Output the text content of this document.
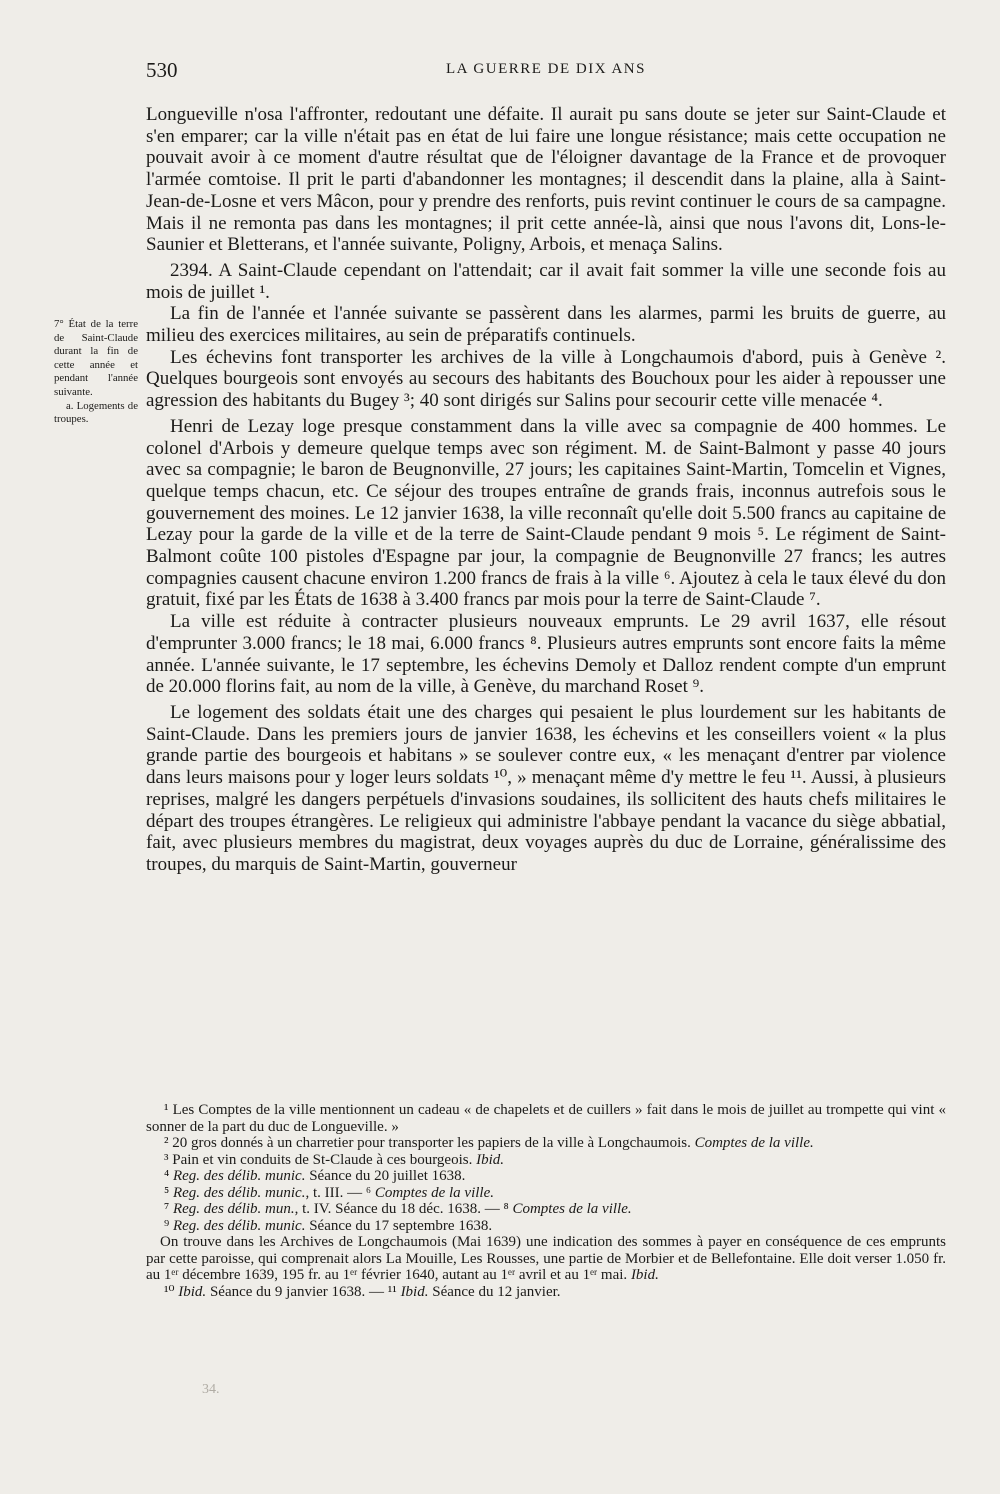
530	LA GUERRE DE DIX ANS

7° État de la terre de Saint-Claude durant la fin de cette année et pendant l'année suivante.

a. Logements de troupes.

Longueville n'osa l'affronter, redoutant une défaite. Il aurait pu sans doute se jeter sur Saint-Claude et s'en emparer; car la ville n'était pas en état de lui faire une longue résistance; mais cette occupation ne pouvait avoir à ce moment d'autre résultat que de l'éloigner davantage de la France et de provoquer l'armée comtoise. Il prit le parti d'abandonner les montagnes; il descendit dans la plaine, alla à Saint-Jean-de-Losne et vers Mâcon, pour y prendre des renforts, puis revint continuer le cours de sa campagne. Mais il ne remonta pas dans les montagnes; il prit cette année-là, ainsi que nous l'avons dit, Lons-le-Saunier et Bletterans, et l'année suivante, Poligny, Arbois, et menaça Salins.

2394. A Saint-Claude cependant on l'attendait; car il avait fait sommer la ville une seconde fois au mois de juillet ¹.

La fin de l'année et l'année suivante se passèrent dans les alarmes, parmi les bruits de guerre, au milieu des exercices militaires, au sein de préparatifs continuels.

Les échevins font transporter les archives de la ville à Longchaumois d'abord, puis à Genève ². Quelques bourgeois sont envoyés au secours des habitants des Bouchoux pour les aider à repousser une agression des habitants du Bugey ³; 40 sont dirigés sur Salins pour secourir cette ville menacée ⁴.

Henri de Lezay loge presque constamment dans la ville avec sa compagnie de 400 hommes. Le colonel d'Arbois y demeure quelque temps avec son régiment. M. de Saint-Balmont y passe 40 jours avec sa compagnie; le baron de Beugnonville, 27 jours; les capitaines Saint-Martin, Tomcelin et Vignes, quelque temps chacun, etc. Ce séjour des troupes entraîne de grands frais, inconnus autrefois sous le gouvernement des moines. Le 12 janvier 1638, la ville reconnaît qu'elle doit 5.500 francs au capitaine de Lezay pour la garde de la ville et de la terre de Saint-Claude pendant 9 mois ⁵. Le régiment de Saint-Balmont coûte 100 pistoles d'Espagne par jour, la compagnie de Beugnonville 27 francs; les autres compagnies causent chacune environ 1.200 francs de frais à la ville ⁶. Ajoutez à cela le taux élevé du don gratuit, fixé par les États de 1638 à 3.400 francs par mois pour la terre de Saint-Claude ⁷.

La ville est réduite à contracter plusieurs nouveaux emprunts. Le 29 avril 1637, elle résout d'emprunter 3.000 francs; le 18 mai, 6.000 francs ⁸. Plusieurs autres emprunts sont encore faits la même année. L'année suivante, le 17 septembre, les échevins Demoly et Dalloz rendent compte d'un emprunt de 20.000 florins fait, au nom de la ville, à Genève, du marchand Roset ⁹.

Le logement des soldats était une des charges qui pesaient le plus lourdement sur les habitants de Saint-Claude. Dans les premiers jours de janvier 1638, les échevins et les conseillers voient « la plus grande partie des bourgeois et habitans » se soulever contre eux, « les menaçant d'entrer par violence dans leurs maisons pour y loger leurs soldats ¹⁰, » menaçant même d'y mettre le feu ¹¹. Aussi, à plusieurs reprises, malgré les dangers perpétuels d'invasions soudaines, ils sollicitent des hauts chefs militaires le départ des troupes étrangères. Le religieux qui administre l'abbaye pendant la vacance du siège abbatial, fait, avec plusieurs membres du magistrat, deux voyages auprès du duc de Lorraine, généralissime des troupes, du marquis de Saint-Martin, gouverneur

¹ Les Comptes de la ville mentionnent un cadeau « de chapelets et de cuillers » fait dans le mois de juillet au trompette qui vint « sonner de la part du duc de Longueville. »

² 20 gros donnés à un charretier pour transporter les papiers de la ville à Longchaumois. Comptes de la ville.

³ Pain et vin conduits de St-Claude à ces bourgeois. Ibid.

⁴ Reg. des délib. munic. Séance du 20 juillet 1638.

⁵ Reg. des délib. munic., t. III. — ⁶ Comptes de la ville.

⁷ Reg. des délib. mun., t. IV. Séance du 18 déc. 1638. — ⁸ Comptes de la ville.

⁹ Reg. des délib. munic. Séance du 17 septembre 1638.

On trouve dans les Archives de Longchaumois (Mai 1639) une indication des sommes à payer en conséquence de ces emprunts par cette paroisse, qui comprenait alors La Mouille, Les Rousses, une partie de Morbier et de Bellefontaine. Elle doit verser 1.050 fr. au 1ᵉʳ décembre 1639, 195 fr. au 1ᵉʳ février 1640, autant au 1ᵉʳ avril et au 1ᵉʳ mai. Ibid.

¹⁰ Ibid. Séance du 9 janvier 1638. — ¹¹ Ibid. Séance du 12 janvier.

34.
